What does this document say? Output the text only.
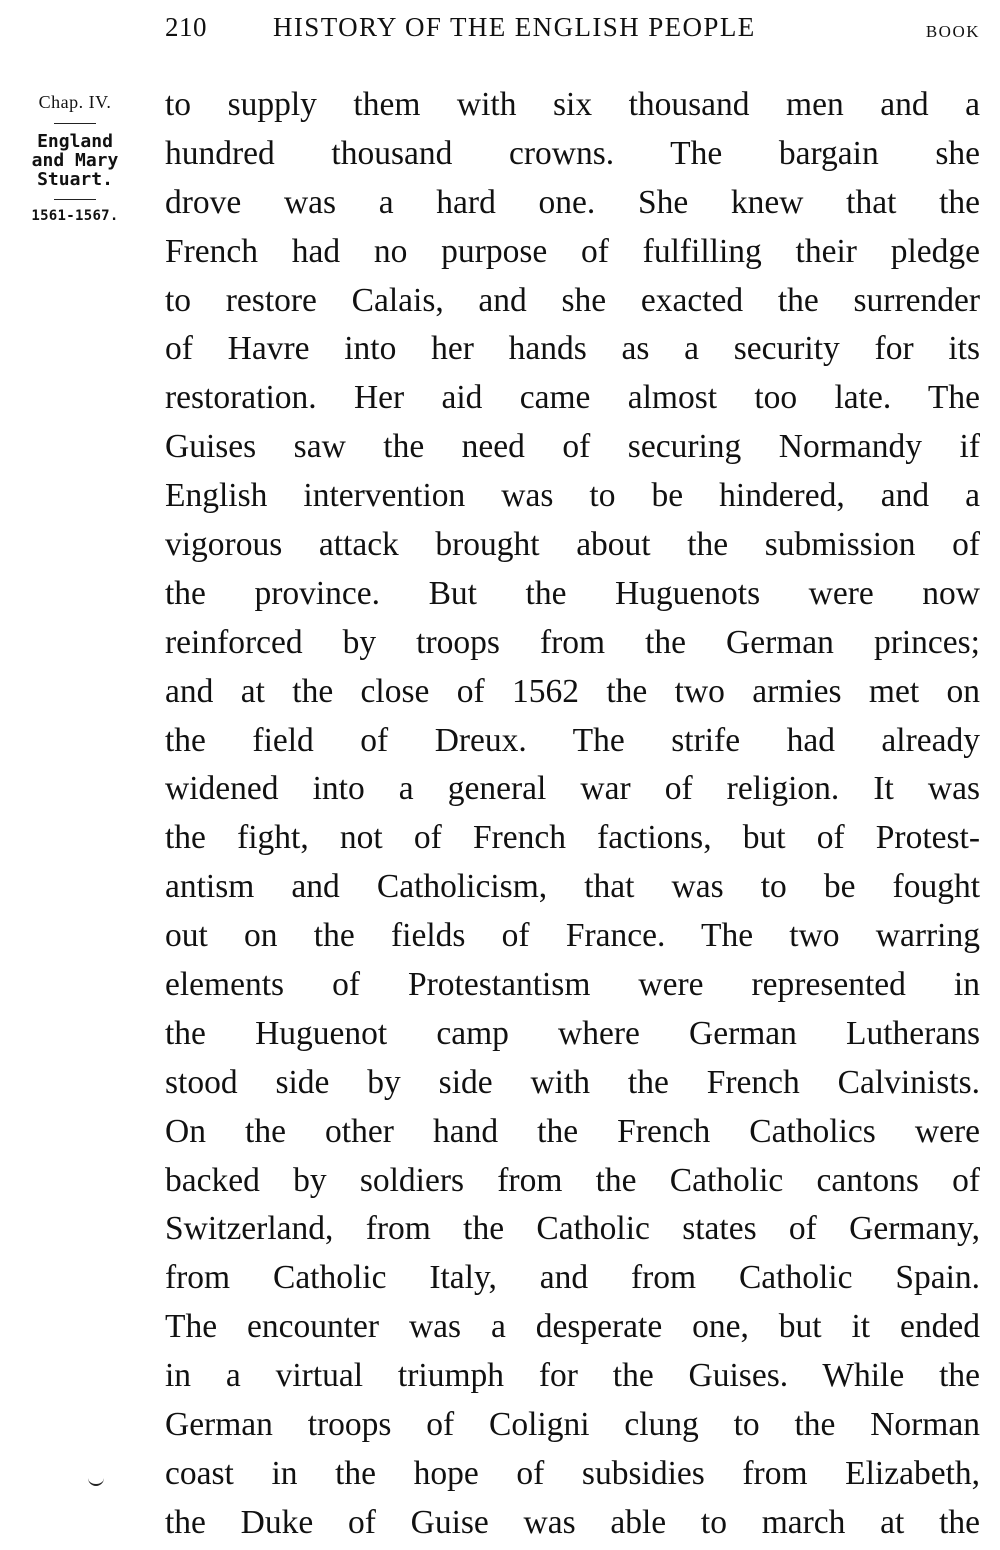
210 HISTORY OF THE ENGLISH PEOPLE	BOOK
Chap. IV.
England
and Mary
Stuart.
1561-1567.
to supply them with six thousand men and a
hundred thousand crowns. The bargain she
drove was a hard one. She knew that the
French had no purpose of fulfilling their pledge
to restore Calais, and she exacted the surrender
of Havre into her hands as a security for its
restoration. Her aid came almost too late. The
Guises saw the need of securing Normandy if
English intervention was to be hindered, and a
vigorous attack brought about the submission of
the province. But the Huguenots were now
reinforced by troops from the German princes;
and at the close of 1562 the two armies met on
the field of Dreux. The strife had already
widened into a general war of religion. It was
the fight, not of French factions, but of Protest-
antism and Catholicism, that was to be fought
out on the fields of France. The two warring
elements of Protestantism were represented in
the Huguenot camp where German Lutherans
stood side by side with the French Calvinists.
On the other hand the French Catholics were
backed by soldiers from the Catholic cantons of
Switzerland, from the Catholic states of Germany,
from Catholic Italy, and from Catholic Spain.
The encounter was a desperate one, but it ended
in a virtual triumph for the Guises. While the
German troops of Coligni clung to the Norman
coast in the hope of subsidies from Elizabeth,
the Duke of Guise was able to march at the
